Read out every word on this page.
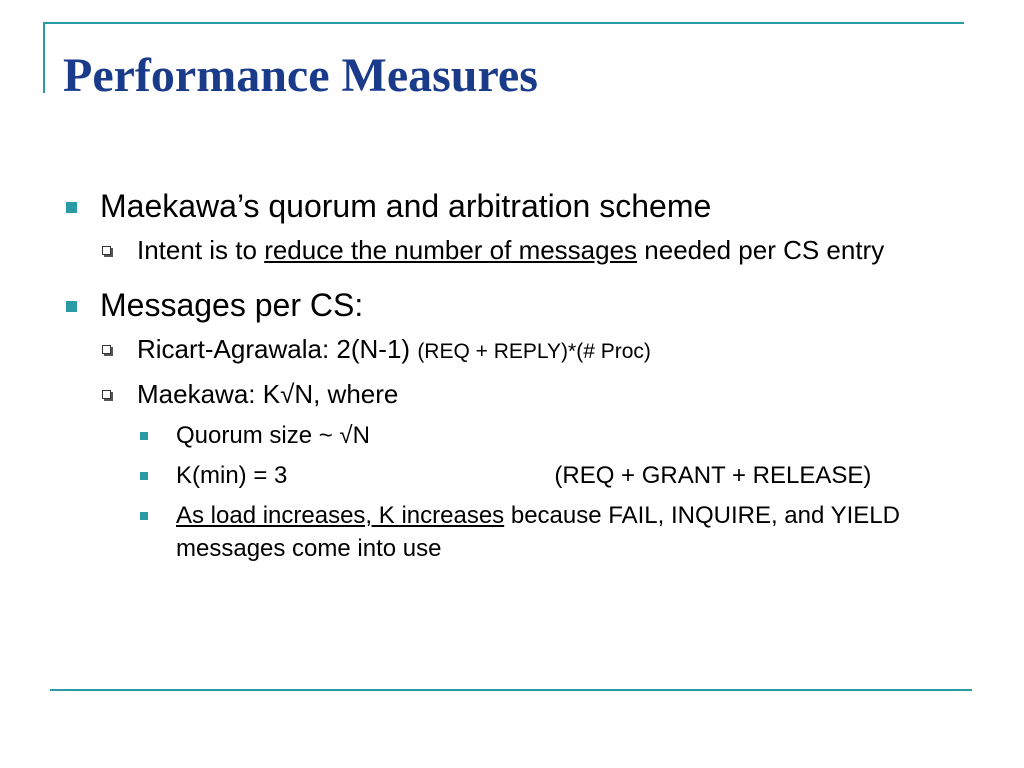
Performance Measures
Maekawa’s quorum and arbitration scheme
Intent is to reduce the number of messages needed per CS entry
Messages per CS:
Ricart-Agrawala: 2(N-1) (REQ + REPLY)*(# Proc)
Maekawa: K√N, where
Quorum size ~ √N
K(min) = 3	(REQ + GRANT + RELEASE)
As load increases, K increases because FAIL, INQUIRE, and YIELD messages come into use
